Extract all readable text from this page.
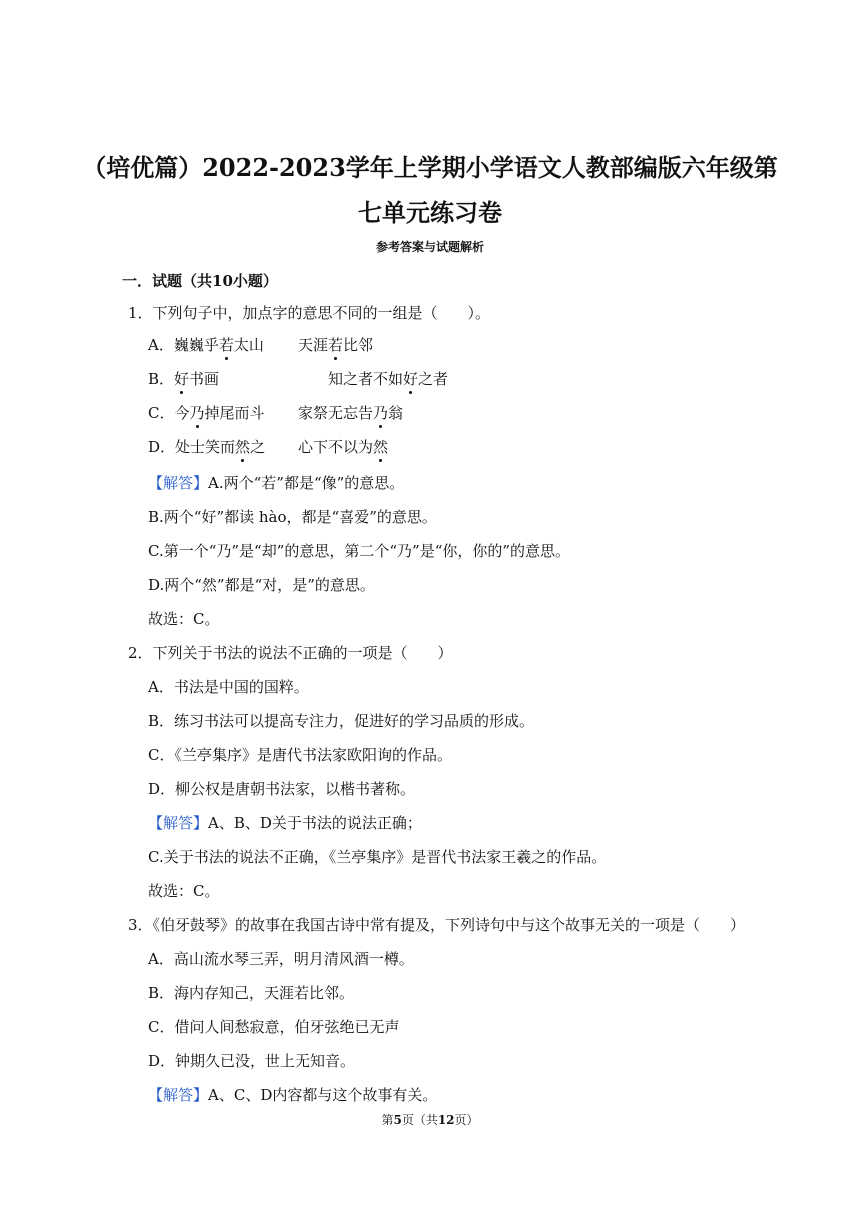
（培优篇）2022-2023学年上学期小学语文人教部编版六年级第
七单元练习卷
参考答案与试题解析
一．试题（共10小题）
1．下列句子中，加点字的意思不同的一组是（　　）。
A．巍巍乎若太山 天涯若比邻
B．好书画	知之者不如好之者
C．今乃掉尾而斗 家祭无忘告乃翁
D．处士笑而然之 心下不以为然
【解答】A.两个“若”都是“像”的意思。
B.两个“好”都读 hào，都是“喜爱”的意思。
C.第一个“乃”是“却”的意思，第二个“乃”是“你，你的”的意思。
D.两个“然”都是“对，是”的意思。
故选：C。
2．下列关于书法的说法不正确的一项是（　　）
A．书法是中国的国粹。
B．练习书法可以提高专注力，促进好的学习品质的形成。
C．《兰亭集序》是唐代书法家欧阳询的作品。
D．柳公权是唐朝书法家，以楷书著称。
【解答】A、B、D关于书法的说法正确；
C.关于书法的说法不正确，《兰亭集序》是晋代书法家王羲之的作品。
故选：C。
3．《伯牙鼓琴》的故事在我国古诗中常有提及，下列诗句中与这个故事无关的一项是（　　）
A．高山流水琴三弄，明月清风酒一樽。
B．海内存知己，天涯若比邻。
C．借问人间愁寂意，伯牙弦绝已无声
D．钟期久已没，世上无知音。
【解答】A、C、D内容都与这个故事有关。
第5页（共12页）
